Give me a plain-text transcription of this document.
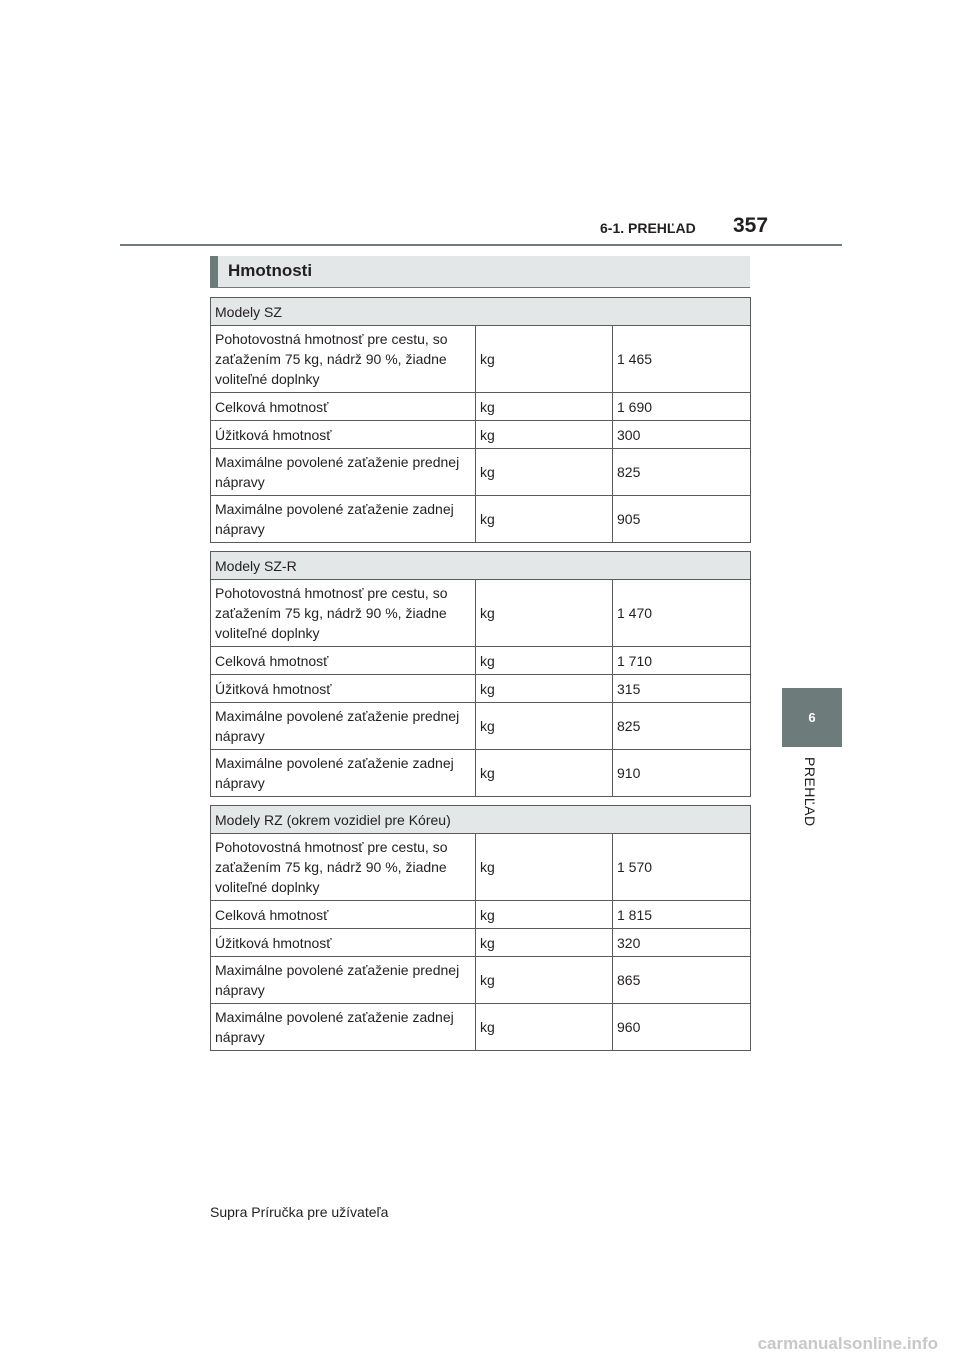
6-1. PREHĽAD 357
6
PREHĽAD
Hmotnosti
Modely SZ		
Pohotovostná hmotnosť pre cestu, so zaťažením 75 kg, nádrž 90 %, žiadne voliteľné doplnky	kg	1 465
Celková hmotnosť	kg	1 690
Úžitková hmotnosť	kg	300
Maximálne povolené zaťaženie prednej nápravy	kg	825
Maximálne povolené zaťaženie zadnej nápravy	kg	905
Modely SZ-R		
Pohotovostná hmotnosť pre cestu, so zaťažením 75 kg, nádrž 90 %, žiadne voliteľné doplnky	kg	1 470
Celková hmotnosť	kg	1 710
Úžitková hmotnosť	kg	315
Maximálne povolené zaťaženie prednej nápravy	kg	825
Maximálne povolené zaťaženie zadnej nápravy	kg	910
Modely RZ (okrem vozidiel pre Kóreu)		
Pohotovostná hmotnosť pre cestu, so zaťažením 75 kg, nádrž 90 %, žiadne voliteľné doplnky	kg	1 570
Celková hmotnosť	kg	1 815
Úžitková hmotnosť	kg	320
Maximálne povolené zaťaženie prednej nápravy	kg	865
Maximálne povolené zaťaženie zadnej nápravy	kg	960
Supra Príručka pre užívateľa
carmanualsonline.info
